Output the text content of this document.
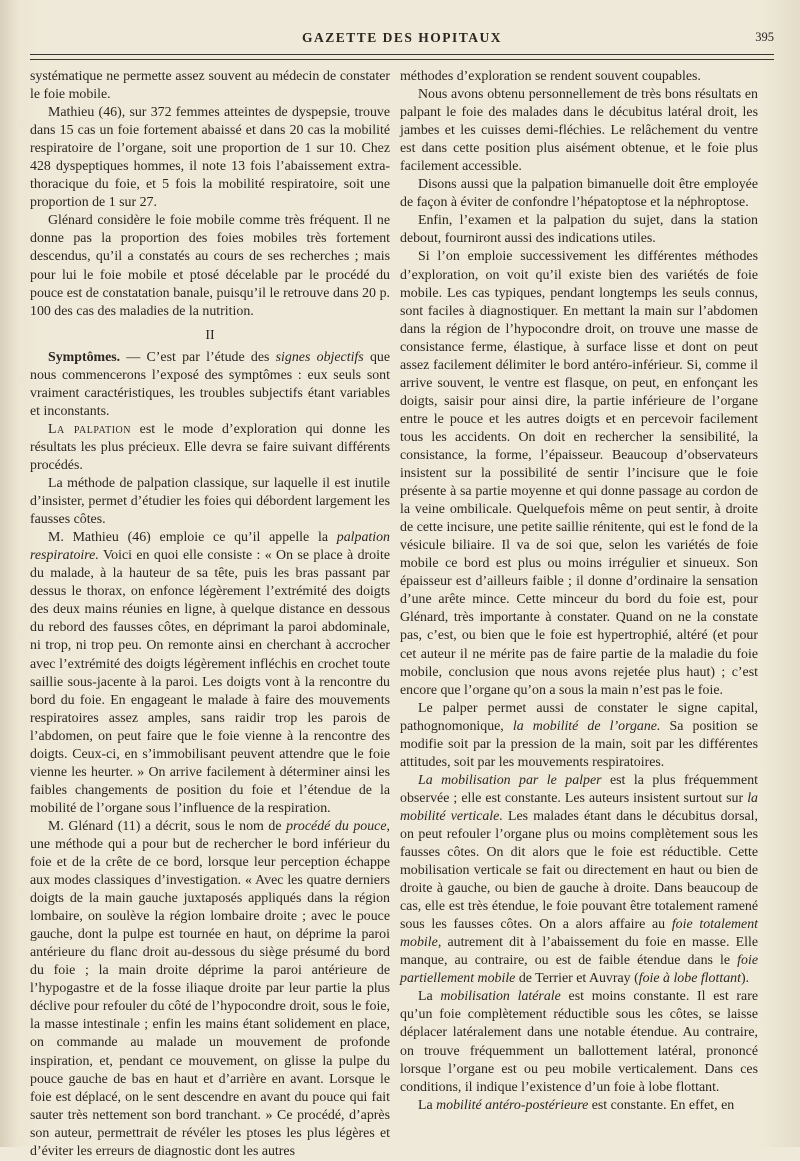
GAZETTE DES HOPITAUX	395

systématique ne permette assez souvent au médecin de constater le foie mobile.

Mathieu (46), sur 372 femmes atteintes de dyspepsie, trouve dans 15 cas un foie fortement abaissé et dans 20 cas la mobilité respiratoire de l’organe, soit une proportion de 1 sur 10. Chez 428 dyspeptiques hommes, il note 13 fois l’abaissement extra-thoracique du foie, et 5 fois la mobilité respiratoire, soit une proportion de 1 sur 27.

Glénard considère le foie mobile comme très fréquent. Il ne donne pas la proportion des foies mobiles très fortement descendus, qu’il a constatés au cours de ses recherches ; mais pour lui le foie mobile et ptosé décelable par le procédé du pouce est de constatation banale, puisqu’il le retrouve dans 20 p. 100 des cas des maladies de la nutrition.

II

Symptômes. — C’est par l’étude des signes objectifs que nous commencerons l’exposé des symptômes : eux seuls sont vraiment caractéristiques, les troubles subjectifs étant variables et inconstants.

La palpation est le mode d’exploration qui donne les résultats les plus précieux. Elle devra se faire suivant différents procédés.

La méthode de palpation classique, sur laquelle il est inutile d’insister, permet d’étudier les foies qui débordent largement les fausses côtes.

M. Mathieu (46) emploie ce qu’il appelle la palpation respiratoire. Voici en quoi elle consiste : « On se place à droite du malade, à la hauteur de sa tête, puis les bras passant par dessus le thorax, on enfonce légèrement l’extrémité des doigts des deux mains réunies en ligne, à quelque distance en dessous du rebord des fausses côtes, en déprimant la paroi abdominale, ni trop, ni trop peu. On remonte ainsi en cherchant à accrocher avec l’extrémité des doigts légèrement infléchis en crochet toute saillie sous-jacente à la paroi. Les doigts vont à la rencontre du bord du foie. En engageant le malade à faire des mouvements respiratoires assez amples, sans raidir trop les parois de l’abdomen, on peut faire que le foie vienne à la rencontre des doigts. Ceux-ci, en s’immobilisant peuvent attendre que le foie vienne les heurter. » On arrive facilement à déterminer ainsi les faibles changements de position du foie et l’étendue de la mobilité de l’organe sous l’influence de la respiration.

M. Glénard (11) a décrit, sous le nom de procédé du pouce, une méthode qui a pour but de rechercher le bord inférieur du foie et de la crête de ce bord, lorsque leur perception échappe aux modes classiques d’investigation. « Avec les quatre derniers doigts de la main gauche juxtaposés appliqués dans la région lombaire, on soulève la région lombaire droite ; avec le pouce gauche, dont la pulpe est tournée en haut, on déprime la paroi antérieure du flanc droit au-dessous du siège présumé du bord du foie ; la main droite déprime la paroi antérieure de l’hypogastre et de la fosse iliaque droite par leur partie la plus déclive pour refouler du côté de l’hypocondre droit, sous le foie, la masse intestinale ; enfin les mains étant solidement en place, on commande au malade un mouvement de profonde inspiration, et, pendant ce mouvement, on glisse la pulpe du pouce gauche de bas en haut et d’arrière en avant. Lorsque le foie est déplacé, on le sent descendre en avant du pouce qui fait sauter très nettement son bord tranchant. » Ce procédé, d’après son auteur, permettrait de révéler les ptoses les plus légères et d’éviter les erreurs de diagnostic dont les autres

méthodes d’exploration se rendent souvent coupables.

Nous avons obtenu personnellement de très bons résultats en palpant le foie des malades dans le décubitus latéral droit, les jambes et les cuisses demi-fléchies. Le relâchement du ventre est dans cette position plus aisément obtenue, et le foie plus facilement accessible.

Disons aussi que la palpation bimanuelle doit être employée de façon à éviter de confondre l’hépatoptose et la néphroptose.

Enfin, l’examen et la palpation du sujet, dans la station debout, fourniront aussi des indications utiles.

Si l’on emploie successivement les différentes méthodes d’exploration, on voit qu’il existe bien des variétés de foie mobile. Les cas typiques, pendant longtemps les seuls connus, sont faciles à diagnostiquer. En mettant la main sur l’abdomen dans la région de l’hypocondre droit, on trouve une masse de consistance ferme, élastique, à surface lisse et dont on peut assez facilement délimiter le bord antéro-inférieur. Si, comme il arrive souvent, le ventre est flasque, on peut, en enfonçant les doigts, saisir pour ainsi dire, la partie inférieure de l’organe entre le pouce et les autres doigts et en percevoir facilement tous les accidents. On doit en rechercher la sensibilité, la consistance, la forme, l’épaisseur. Beaucoup d’observateurs insistent sur la possibilité de sentir l’incisure que le foie présente à sa partie moyenne et qui donne passage au cordon de la veine ombilicale. Quelquefois même on peut sentir, à droite de cette incisure, une petite saillie rénitente, qui est le fond de la vésicule biliaire. Il va de soi que, selon les variétés de foie mobile ce bord est plus ou moins irrégulier et sinueux. Son épaisseur est d’ailleurs faible ; il donne d’ordinaire la sensation d’une arête mince. Cette minceur du bord du foie est, pour Glénard, très importante à constater. Quand on ne la constate pas, c’est, ou bien que le foie est hypertrophié, altéré (et pour cet auteur il ne mérite pas de faire partie de la maladie du foie mobile, conclusion que nous avons rejetée plus haut) ; c’est encore que l’organe qu’on a sous la main n’est pas le foie.

Le palper permet aussi de constater le signe capital, pathognomonique, la mobilité de l’organe. Sa position se modifie soit par la pression de la main, soit par les différentes attitudes, soit par les mouvements respiratoires.

La mobilisation par le palper est la plus fréquemment observée ; elle est constante. Les auteurs insistent surtout sur la mobilité verticale. Les malades étant dans le décubitus dorsal, on peut refouler l’organe plus ou moins complètement sous les fausses côtes. On dit alors que le foie est réductible. Cette mobilisation verticale se fait ou directement en haut ou bien de droite à gauche, ou bien de gauche à droite. Dans beaucoup de cas, elle est très étendue, le foie pouvant être totalement ramené sous les fausses côtes. On a alors affaire au foie totalement mobile, autrement dit à l’abaissement du foie en masse. Elle manque, au contraire, ou est de faible étendue dans le foie partiellement mobile de Terrier et Auvray (foie à lobe flottant).

La mobilisation latérale est moins constante. Il est rare qu’un foie complètement réductible sous les côtes, se laisse déplacer latéralement dans une notable étendue. Au contraire, on trouve fréquemment un ballottement latéral, prononcé lorsque l’organe est ou peu mobile verticalement. Dans ces conditions, il indique l’existence d’un foie à lobe flottant.

La mobilité antéro-postérieure est constante. En effet, en
